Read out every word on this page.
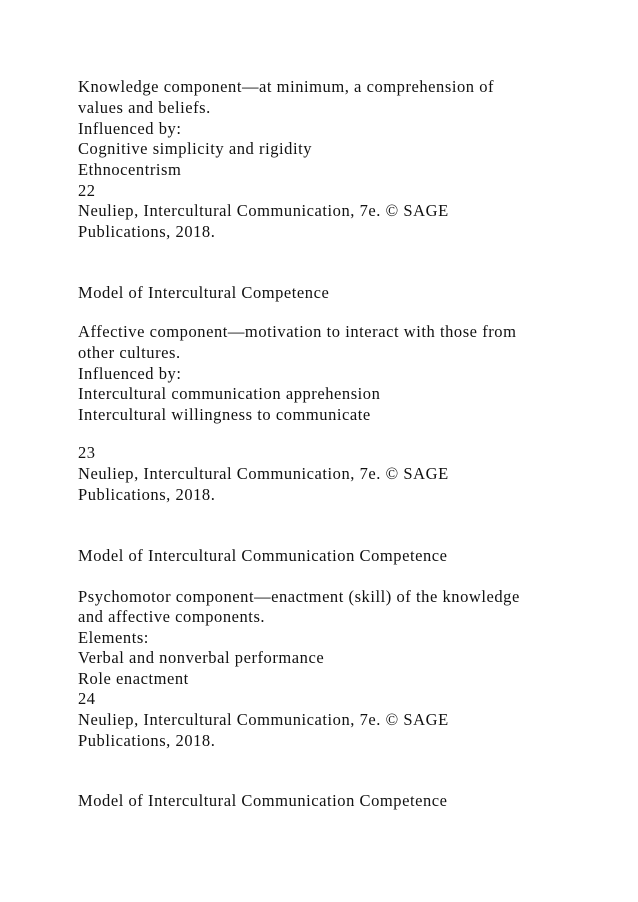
Knowledge component—at minimum, a comprehension of

values and beliefs.

Influenced by:

Cognitive simplicity and rigidity

Ethnocentrism

22

Neuliep, Intercultural Communication, 7e. © SAGE

Publications, 2018.

Model of Intercultural Competence

Affective component—motivation to interact with those from

other cultures.

Influenced by:

Intercultural communication apprehension

Intercultural willingness to communicate

23

Neuliep, Intercultural Communication, 7e. © SAGE

Publications, 2018.

Model of Intercultural Communication Competence

Psychomotor component—enactment (skill) of the knowledge

and affective components.

Elements:

Verbal and nonverbal performance

Role enactment

24

Neuliep, Intercultural Communication, 7e. © SAGE

Publications, 2018.

Model of Intercultural Communication Competence
